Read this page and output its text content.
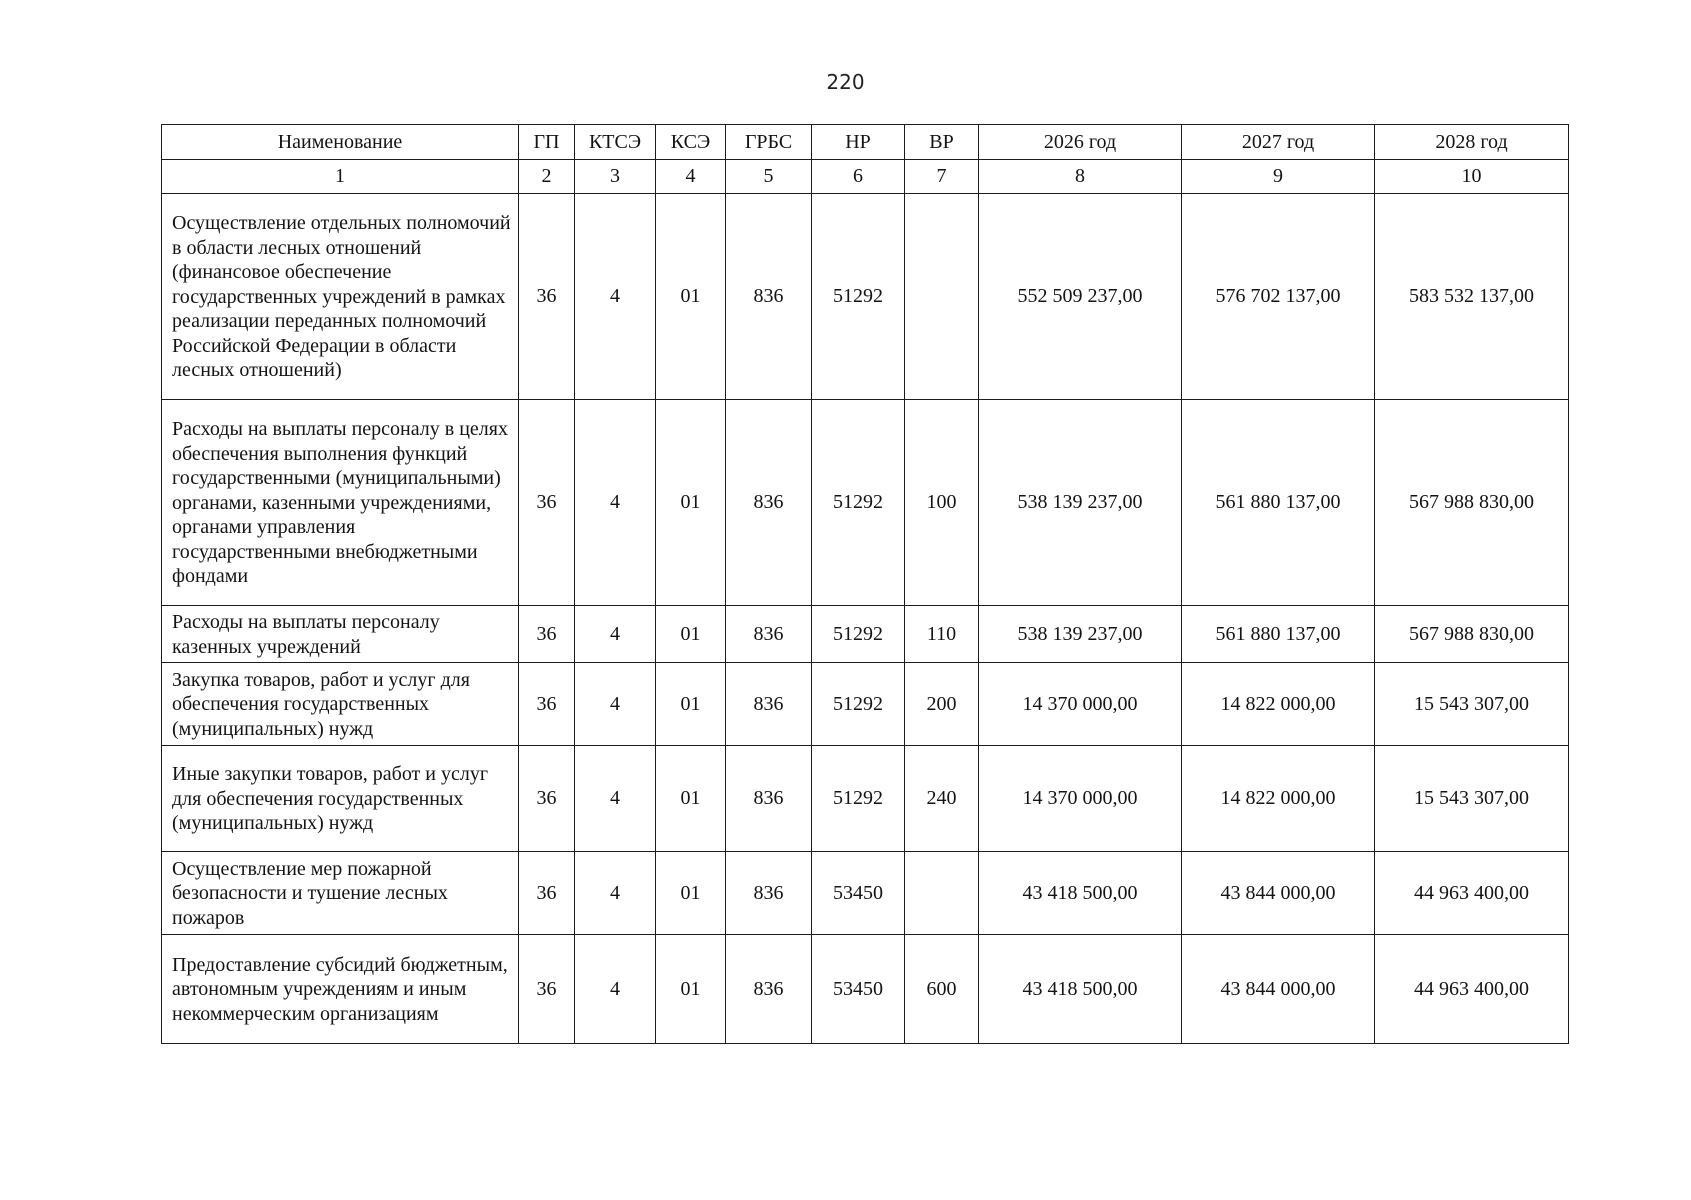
220
Наименование	ГП	КТСЭ	КСЭ	ГРБС	НР	ВР	2026 год	2027 год	2028 год
1	2	3	4	5	6	7	8	9	10
Осуществление отдельных полномочий в области лесных отношений (финансовое обеспечение государственных учреждений в рамках реализации переданных полномочий Российской Федерации в области лесных отношений)	36	4	01	836	51292		552 509 237,00	576 702 137,00	583 532 137,00
Расходы на выплаты персоналу в целях обеспечения выполнения функций государственными (муниципальными) органами, казенными учреждениями, органами управления государственными внебюджетными фондами	36	4	01	836	51292	100	538 139 237,00	561 880 137,00	567 988 830,00
Расходы на выплаты персоналу казенных учреждений	36	4	01	836	51292	110	538 139 237,00	561 880 137,00	567 988 830,00
Закупка товаров, работ и услуг для обеспечения государственных (муниципальных) нужд	36	4	01	836	51292	200	14 370 000,00	14 822 000,00	15 543 307,00
Иные закупки товаров, работ и услуг для обеспечения государственных (муниципальных) нужд	36	4	01	836	51292	240	14 370 000,00	14 822 000,00	15 543 307,00
Осуществление мер пожарной безопасности и тушение лесных пожаров	36	4	01	836	53450		43 418 500,00	43 844 000,00	44 963 400,00
Предоставление субсидий бюджетным, автономным учреждениям и иным некоммерческим организациям	36	4	01	836	53450	600	43 418 500,00	43 844 000,00	44 963 400,00
